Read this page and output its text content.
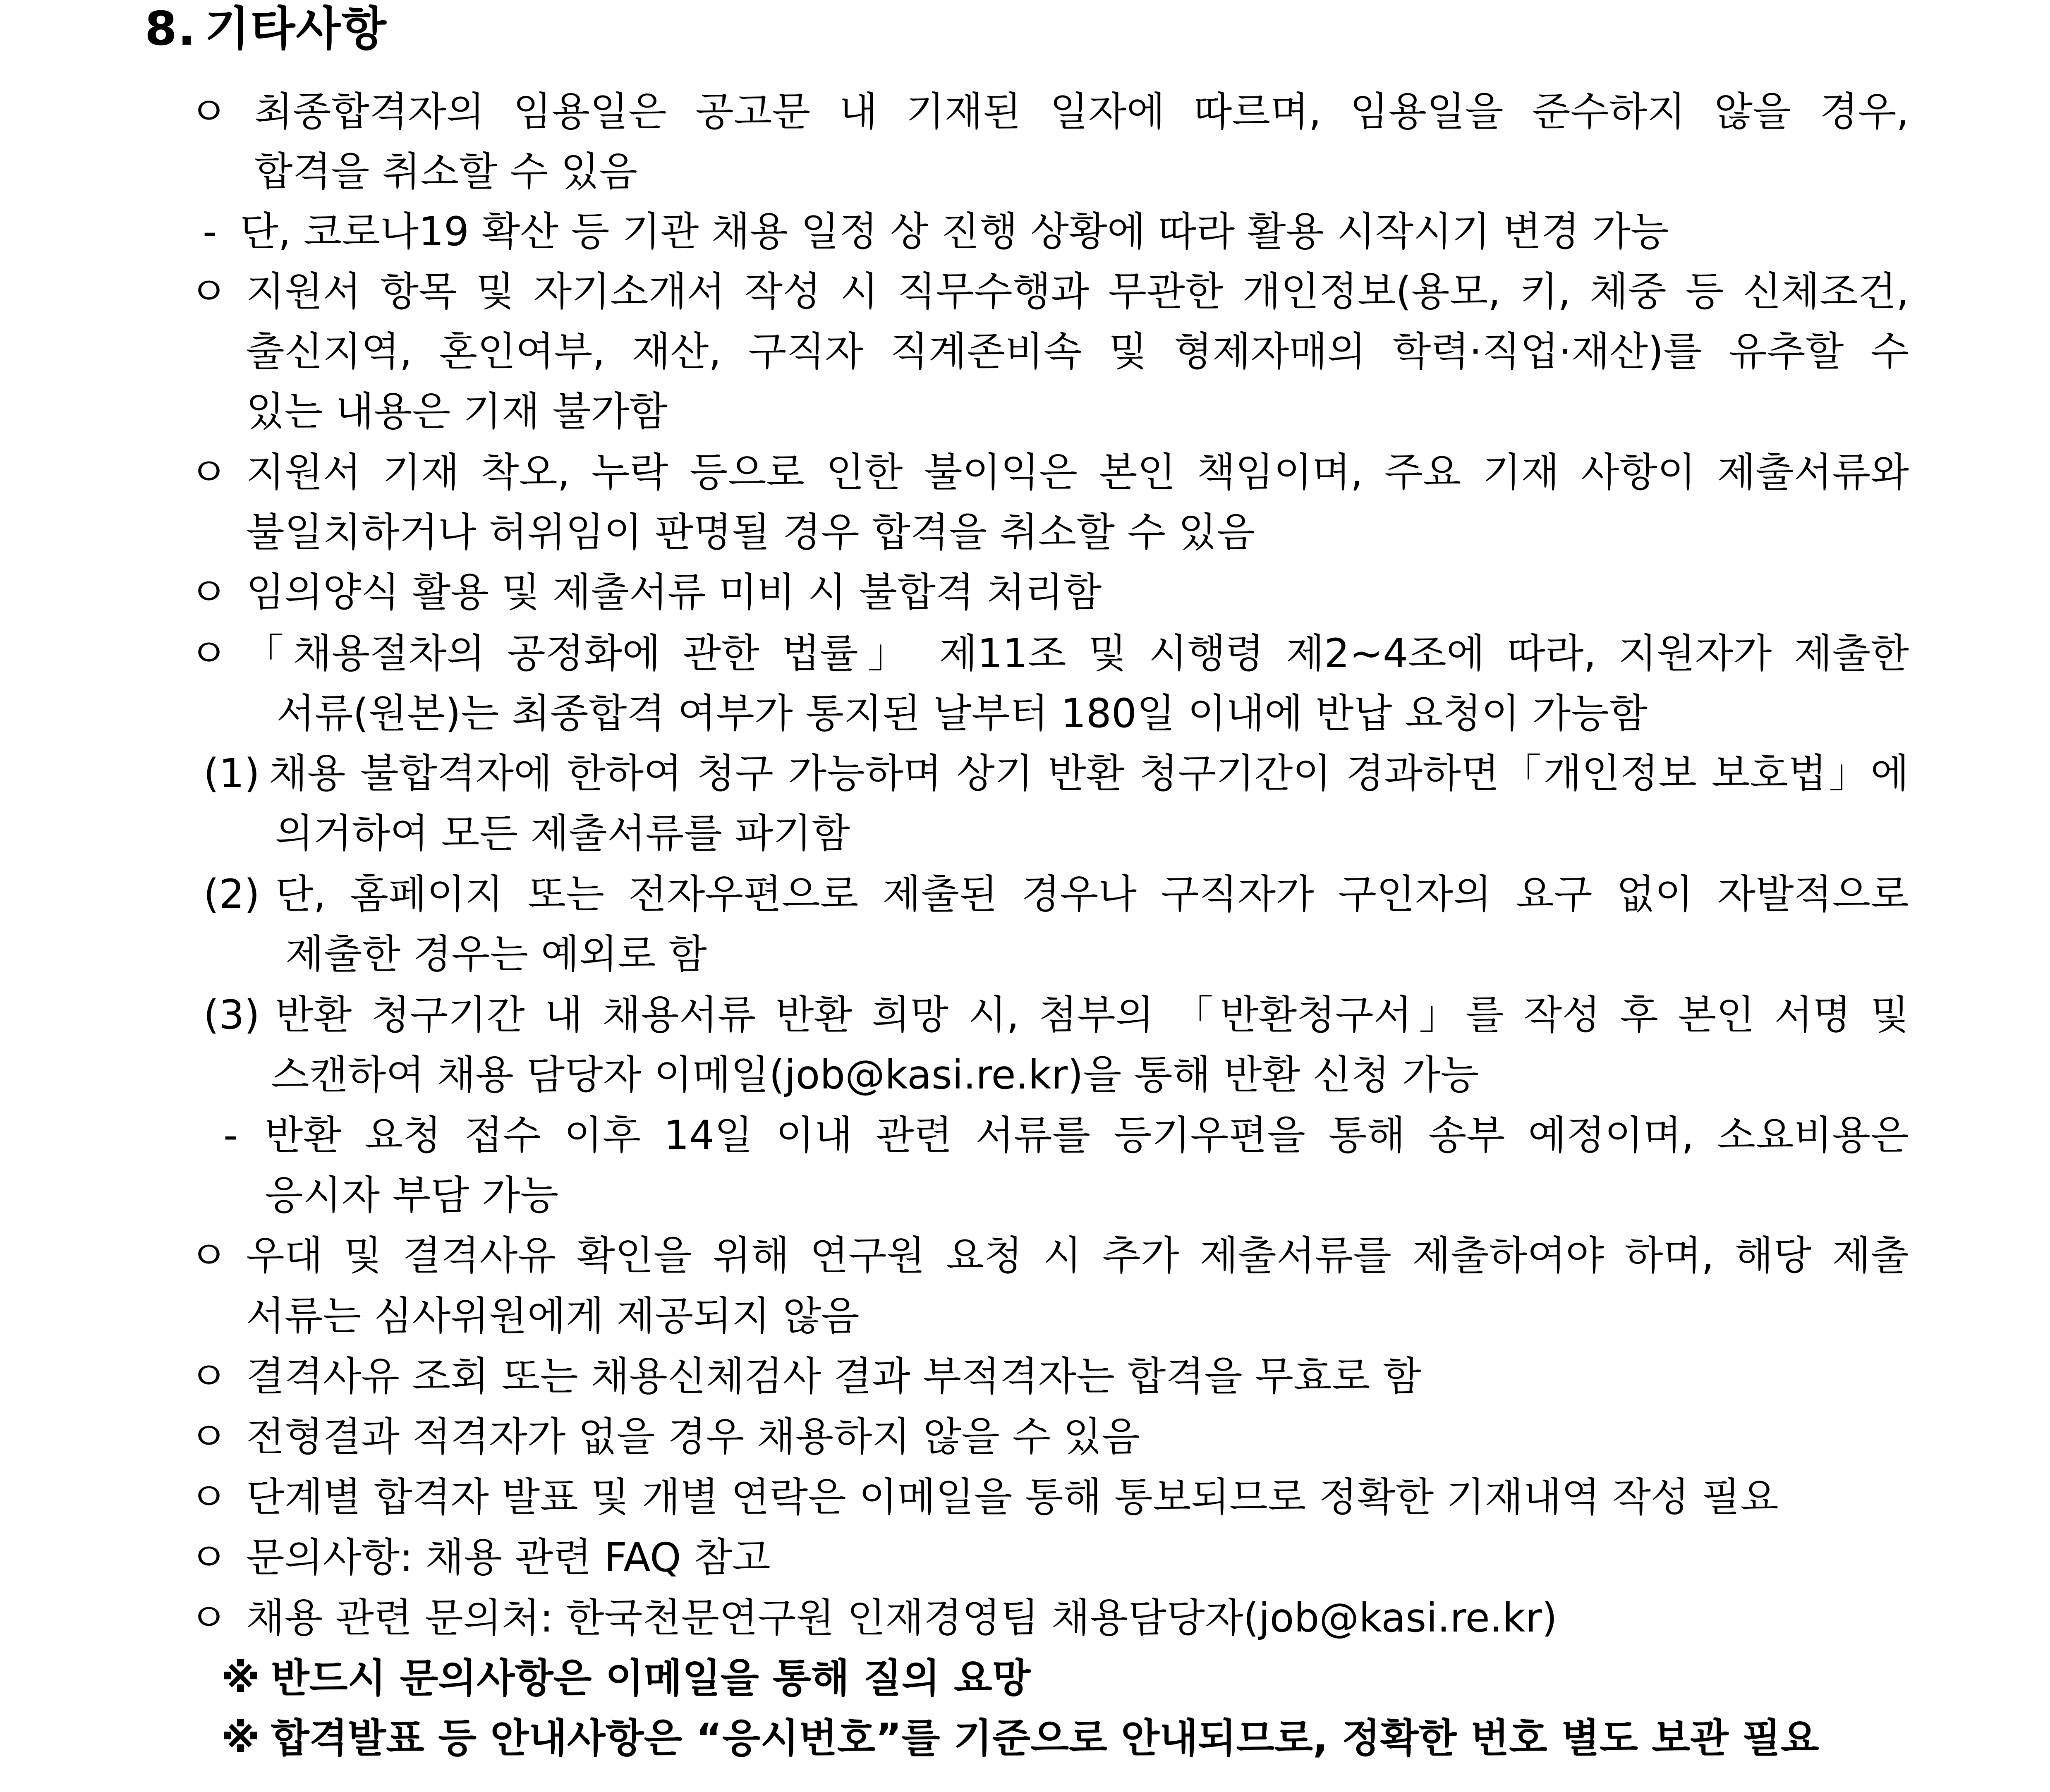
8. 기타사항
ㅇ 최종합격자의 임용일은 공고문 내 기재된 일자에 따르며, 임용일을 준수하지 않을 경우,
합격을 취소할 수 있음
- 단, 코로나19 확산 등 기관 채용 일정 상 진행 상황에 따라 활용 시작시기 변경 가능
ㅇ 지원서 항목 및 자기소개서 작성 시 직무수행과 무관한 개인정보(용모, 키, 체중 등 신체조건,
출신지역, 혼인여부, 재산, 구직자 직계존비속 및 형제자매의 학력·직업·재산)를 유추할 수
있는 내용은 기재 불가함
ㅇ 지원서 기재 착오, 누락 등으로 인한 불이익은 본인 책임이며, 주요 기재 사항이 제출서류와
불일치하거나 허위임이 판명될 경우 합격을 취소할 수 있음
ㅇ 임의양식 활용 및 제출서류 미비 시 불합격 처리함
ㅇ 「채용절차의 공정화에 관한 법률」 제11조 및 시행령 제2~4조에 따라, 지원자가 제출한
서류(원본)는 최종합격 여부가 통지된 날부터 180일 이내에 반납 요청이 가능함
(1) 채용 불합격자에 한하여 청구 가능하며 상기 반환 청구기간이 경과하면「개인정보 보호법」에
의거하여 모든 제출서류를 파기함
(2) 단, 홈페이지 또는 전자우편으로 제출된 경우나 구직자가 구인자의 요구 없이 자발적으로
제출한 경우는 예외로 함
(3) 반환 청구기간 내 채용서류 반환 희망 시, 첨부의 「반환청구서」를 작성 후 본인 서명 및
스캔하여 채용 담당자 이메일(job@kasi.re.kr)을 통해 반환 신청 가능
- 반환 요청 접수 이후 14일 이내 관련 서류를 등기우편을 통해 송부 예정이며, 소요비용은
응시자 부담 가능
ㅇ 우대 및 결격사유 확인을 위해 연구원 요청 시 추가 제출서류를 제출하여야 하며, 해당 제출
서류는 심사위원에게 제공되지 않음
ㅇ 결격사유 조회 또는 채용신체검사 결과 부적격자는 합격을 무효로 함
ㅇ 전형결과 적격자가 없을 경우 채용하지 않을 수 있음
ㅇ 단계별 합격자 발표 및 개별 연락은 이메일을 통해 통보되므로 정확한 기재내역 작성 필요
ㅇ 문의사항: 채용 관련 FAQ 참고
ㅇ 채용 관련 문의처: 한국천문연구원 인재경영팀 채용담당자(job@kasi.re.kr)
※ 반드시 문의사항은 이메일을 통해 질의 요망
※ 합격발표 등 안내사항은 “응시번호”를 기준으로 안내되므로, 정확한 번호 별도 보관 필요
